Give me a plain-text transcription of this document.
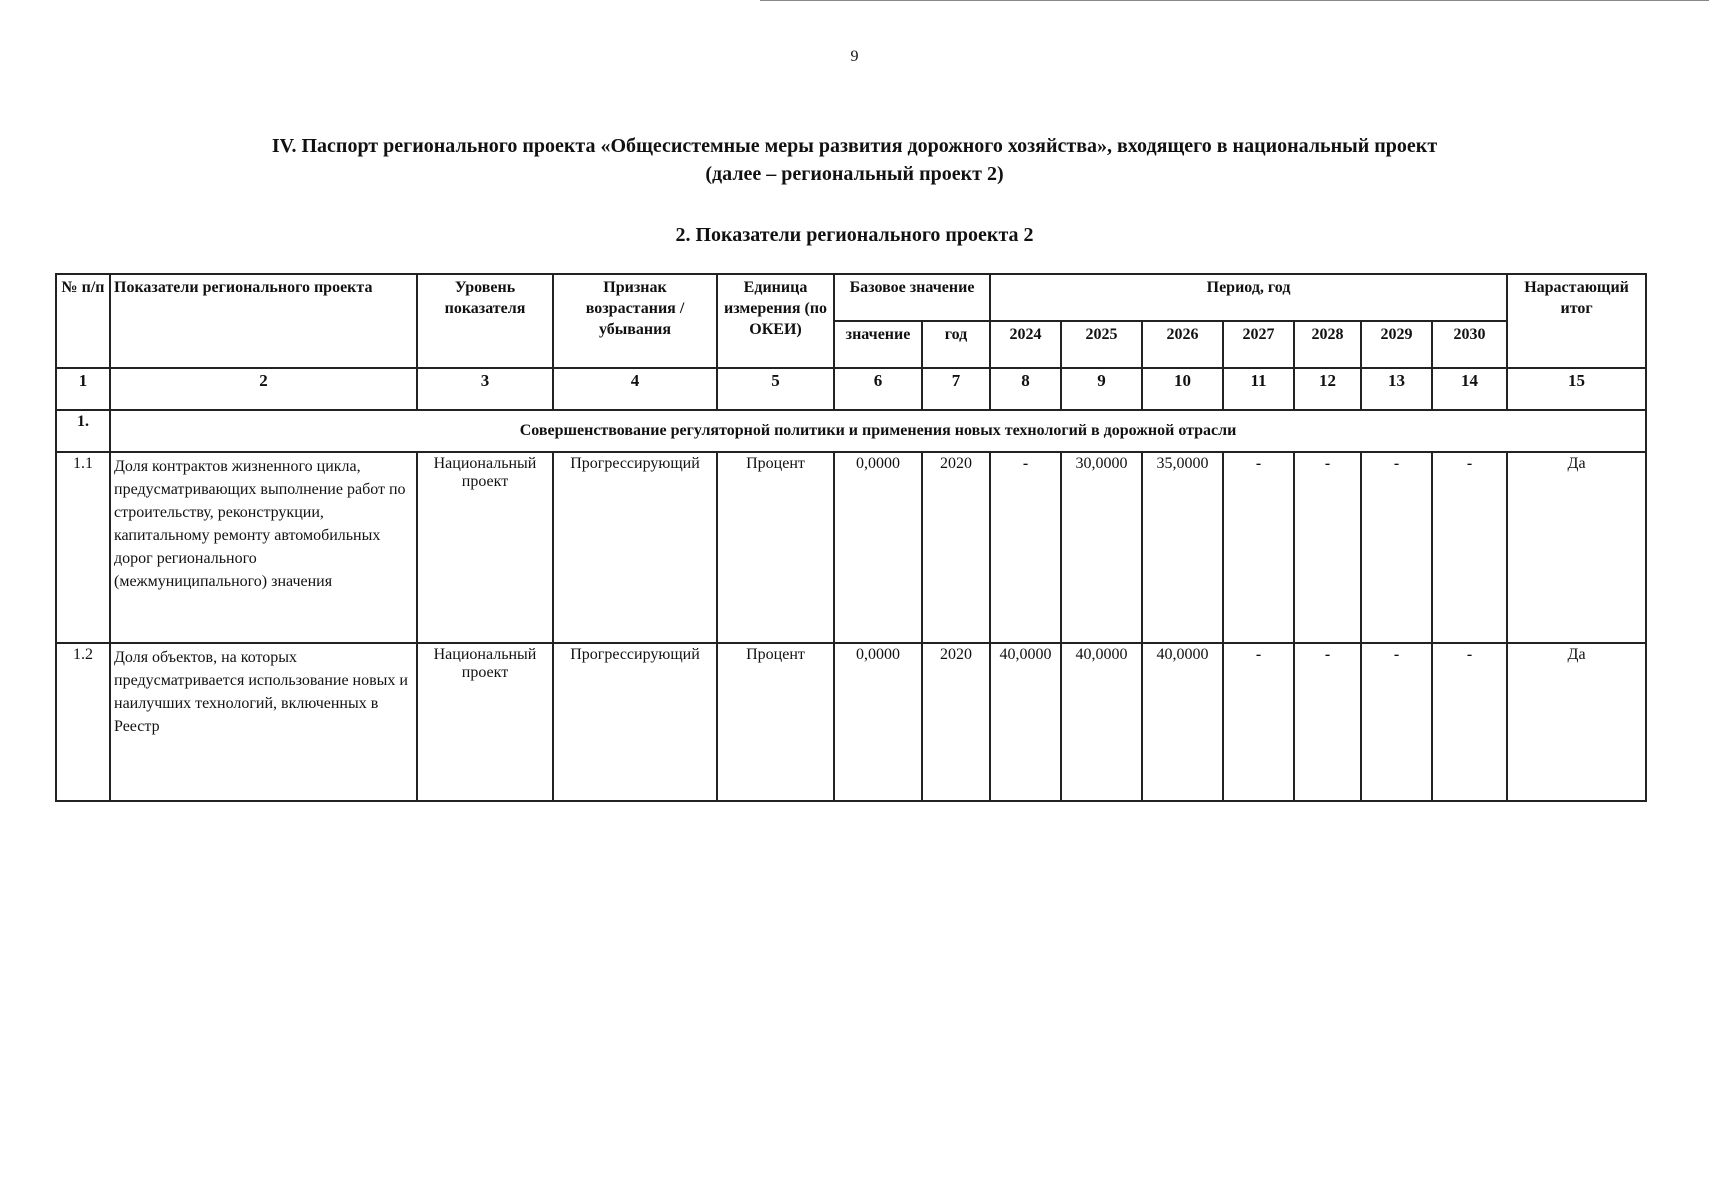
9
IV. Паспорт регионального проекта «Общесистемные меры развития дорожного хозяйства», входящего в национальный проект
(далее – региональный проект 2)
2. Показатели регионального проекта 2
№ п/п	Показатели регионального проекта	Уровень показателя	Признак возрастания / убывания	Единица измерения (по ОКЕИ)	Базовое значение		Период, год							Нарастающий итог
					значение	год	2024	2025	2026	2027	2028	2029	2030	
1	2	3	4	5	6	7	8	9	10	11	12	13	14	15
1.	Совершенствование регуляторной политики и применения новых технологий в дорожной отрасли													
1.1	Доля контрактов жизненного цикла, предусматривающих выполнение работ по строительству, реконструкции, капитальному ремонту автомобильных дорог регионального (межмуниципального) значения	Национальный проект	Прогрессирующий	Процент	0,0000	2020	-	30,0000	35,0000	-	-	-	-	Да
1.2	Доля объектов, на которых предусматривается использование новых и наилучших технологий, включенных в Реестр	Национальный проект	Прогрессирующий	Процент	0,0000	2020	40,0000	40,0000	40,0000	-	-	-	-	Да
